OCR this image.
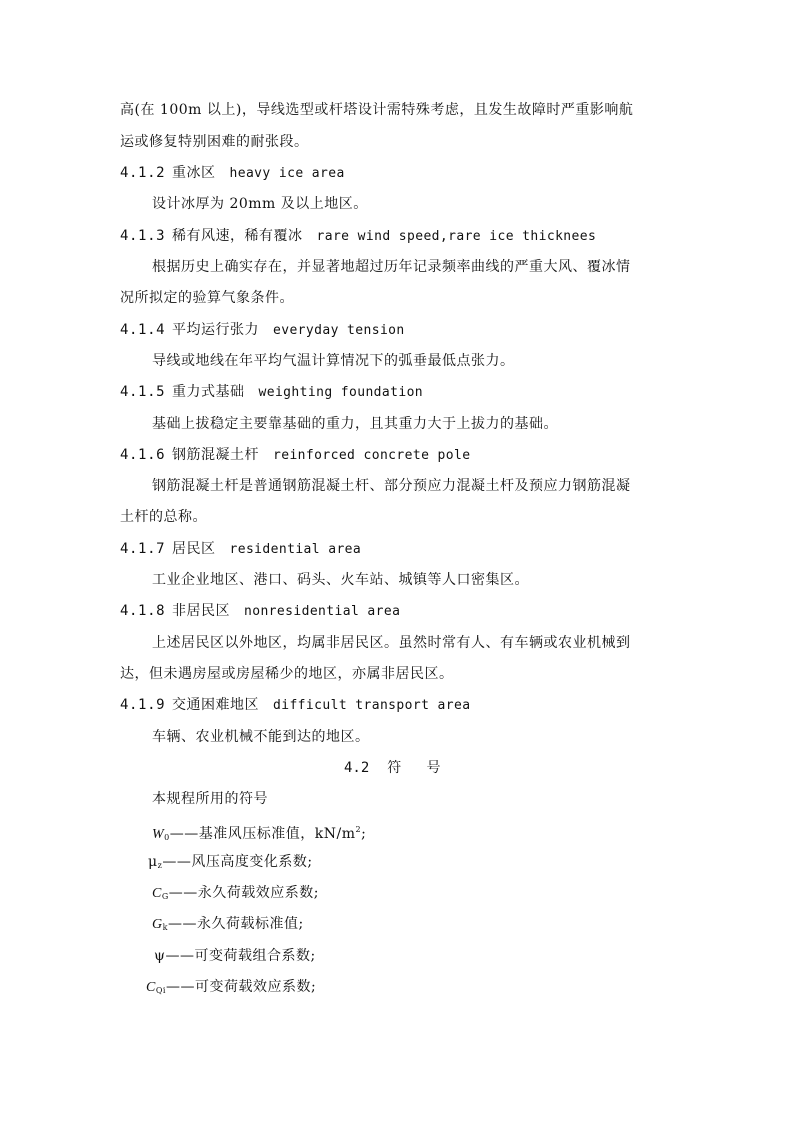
高(在 100m 以上)，导线选型或杆塔设计需特殊考虑，且发生故障时严重影响航
运或修复特别困难的耐张段。
4.1.2 重冰区 heavy ice area
设计冰厚为 20mm 及以上地区。
4.1.3 稀有风速，稀有覆冰 rare wind speed,rare ice thicknees
根据历史上确实存在，并显著地超过历年记录频率曲线的严重大风、覆冰情
况所拟定的验算气象条件。
4.1.4 平均运行张力 everyday tension
导线或地线在年平均气温计算情况下的弧垂最低点张力。
4.1.5 重力式基础 weighting foundation
基础上拔稳定主要靠基础的重力，且其重力大于上拔力的基础。
4.1.6 钢筋混凝土杆 reinforced concrete pole
钢筋混凝土杆是普通钢筋混凝土杆、部分预应力混凝土杆及预应力钢筋混凝
土杆的总称。
4.1.7 居民区 residential area
工业企业地区、港口、码头、火车站、城镇等人口密集区。
4.1.8 非居民区 nonresidential area
上述居民区以外地区，均属非居民区。虽然时常有人、有车辆或农业机械到
达，但未遇房屋或房屋稀少的地区，亦属非居民区。
4.1.9 交通困难地区 difficult transport area
车辆、农业机械不能到达的地区。
4.2 符     号
本规程所用的符号
$W_0——$基准风压标准值，$kN/m^2$;
$\mu_z——$风压高度变化系数;
$C_G——$永久荷载效应系数;
$G_k——$永久荷载标准值;
ψ——可变荷载组合系数;
$C_{Qi}——$可变荷载效应系数;
